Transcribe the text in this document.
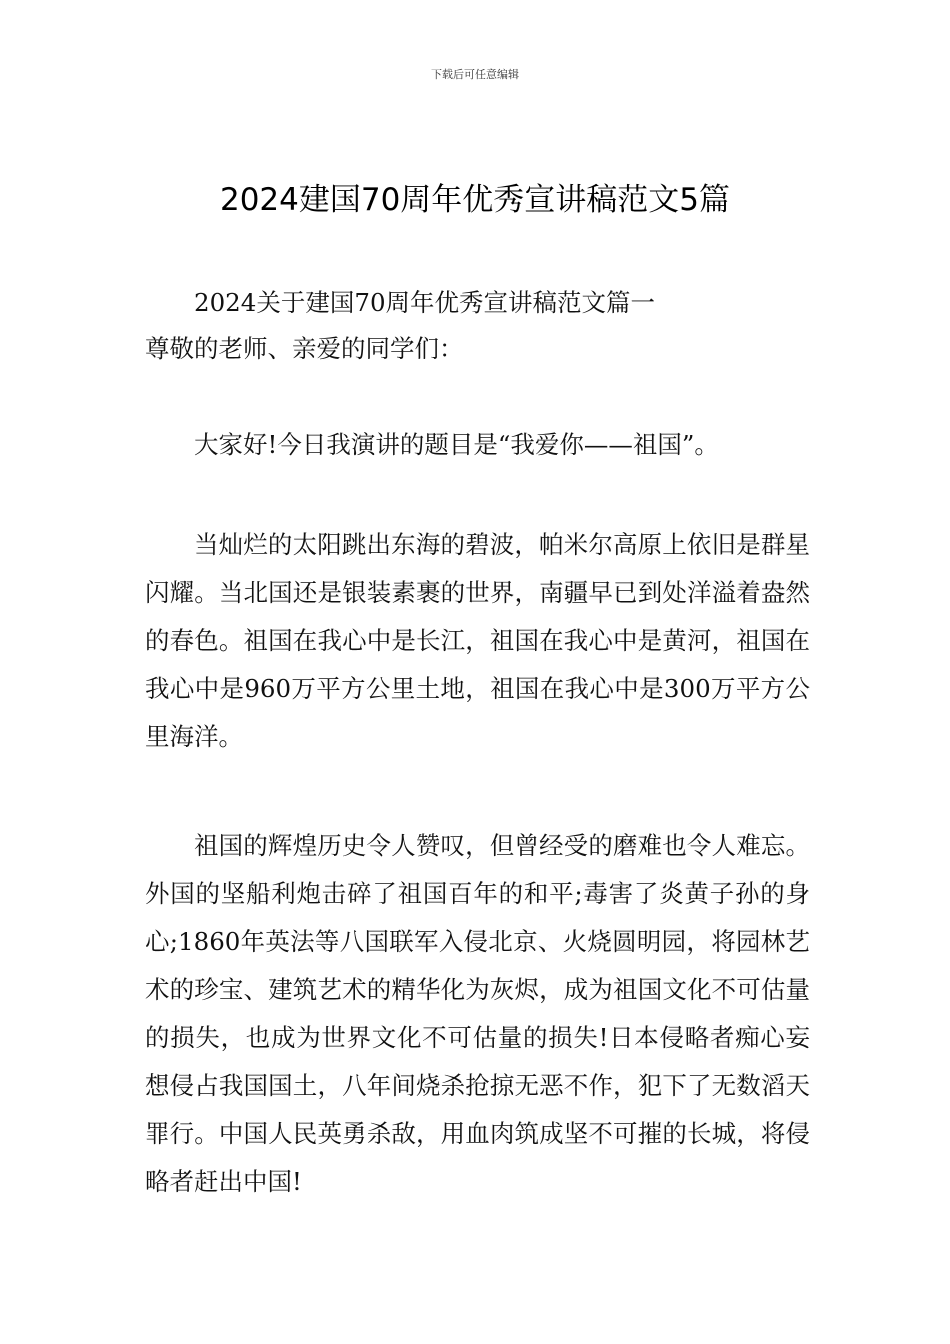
下载后可任意编辑
2024建国70周年优秀宣讲稿范文5篇

2024关于建国70周年优秀宣讲稿范文篇一

尊敬的老师、亲爱的同学们：

大家好!今日我演讲的题目是“我爱你——祖国”。

当灿烂的太阳跳出东海的碧波，帕米尔高原上依旧是群星闪耀。当北国还是银装素裹的世界，南疆早已到处洋溢着盎然的春色。祖国在我心中是长江，祖国在我心中是黄河，祖国在我心中是960万平方公里土地，祖国在我心中是300万平方公里海洋。

祖国的辉煌历史令人赞叹，但曾经受的磨难也令人难忘。外国的坚船利炮击碎了祖国百年的和平;毒害了炎黄子孙的身心;1860年英法等八国联军入侵北京、火烧圆明园，将园林艺术的珍宝、建筑艺术的精华化为灰烬，成为祖国文化不可估量的损失，也成为世界文化不可估量的损失!日本侵略者痴心妄想侵占我国国土，八年间烧杀抢掠无恶不作，犯下了无数滔天罪行。中国人民英勇杀敌，用血肉筑成坚不可摧的长城，将侵略者赶出中国!
